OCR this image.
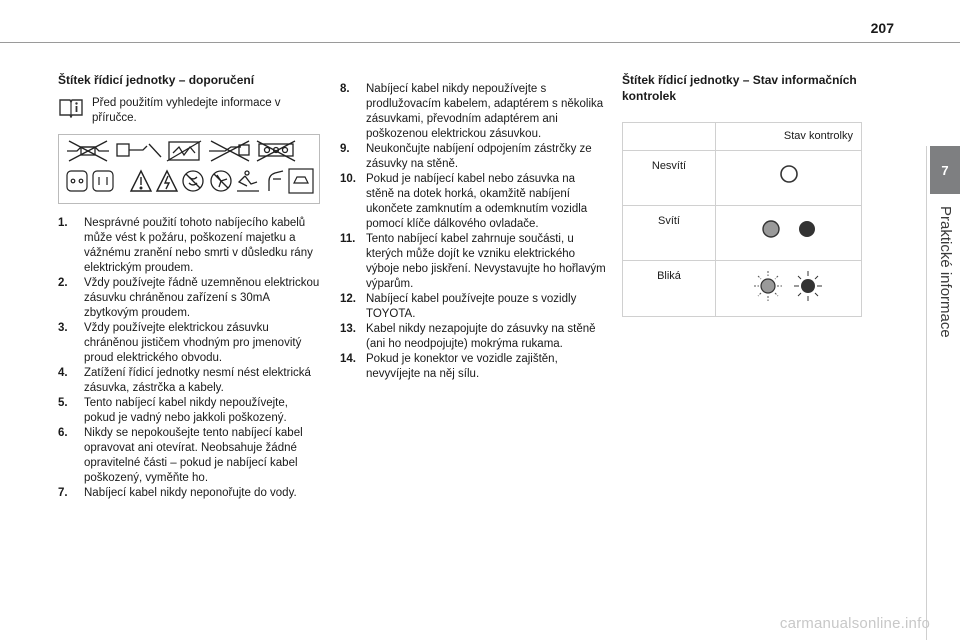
207
Štítek řídicí jednotky – doporučení
Před použitím vyhledejte informace v příručce.
1.	Nesprávné použití tohoto nabíjecího kabelů může vést k požáru, poškození majetku a vážnému zranění nebo smrti v důsledku rány elektrickým proudem.
2.	Vždy používejte řádně uzemněnou elektrickou zásuvku chráněnou zařízení s 30mA zbytkovým proudem.
3.	Vždy používejte elektrickou zásuvku chráněnou jističem vhodným pro jmenovitý proud elektrického obvodu.
4.	Zatížení řídicí jednotky nesmí nést elektrická zásuvka, zástrčka a kabely.
5.	Tento nabíjecí kabel nikdy nepoužívejte, pokud je vadný nebo jakkoli poškozený.
6.	Nikdy se nepokoušejte tento nabíjecí kabel opravovat ani otevírat. Neobsahuje žádné opravitelné části – pokud je nabíjecí kabel poškozený, vyměňte ho.
7.	Nabíjecí kabel nikdy neponořujte do vody.
8.	Nabíjecí kabel nikdy nepoužívejte s prodlužovacím kabelem, adaptérem s několika zásuvkami, převodním adaptérem ani poškozenou elektrickou zásuvkou.
9.	Neukončujte nabíjení odpojením zástrčky ze zásuvky na stěně.
10. Pokud je nabíjecí kabel nebo zásuvka na stěně na dotek horká, okamžitě nabíjení ukončete zamknutím a odemknutím vozidla pomocí klíče dálkového ovladače.
11. Tento nabíjecí kabel zahrnuje součásti, u kterých může dojít ke vzniku elektrického výboje nebo jiskření. Nevystavujte ho hořlavým výparům.
12. Nabíjecí kabel používejte pouze s vozidly TOYOTA.
13. Kabel nikdy nezapojujte do zásuvky na stěně (ani ho neodpojujte) mokrýma rukama.
14. Pokud je konektor ve vozidle zajištěn, nevyvíjejte na něj sílu.
Štítek řídicí jednotky – Stav informačních kontrolek
	Stav kontrolky
Nesvítí	
Svítí	
Bliká	
7
Praktické informace
carmanualsonline.info
